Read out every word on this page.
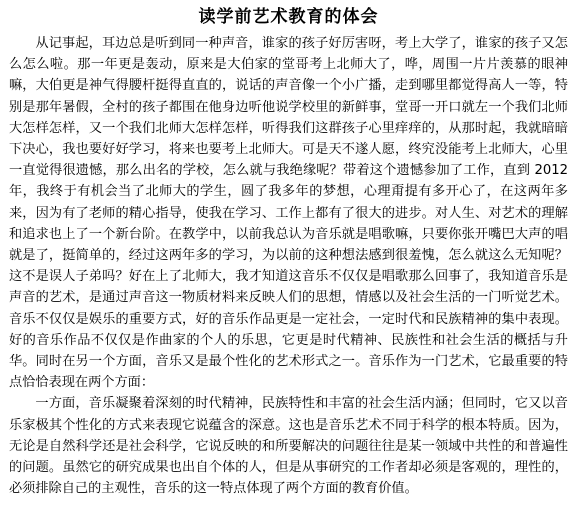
读学前艺术教育的体会

从记事起，耳边总是听到同一种声音，谁家的孩子好厉害呀，考上大学了，谁家的孩子又怎么怎么啦。那一年更是轰动，原来是大伯家的堂哥考上北师大了，哗，周围一片片羡慕的眼神嘛，大伯更是神气得腰杆挺得直直的，说话的声音像一个小广播，走到哪里都觉得高人一等，特别是那年暑假，全村的孩子都围在他身边听他说学校里的新鲜事，堂哥一开口就左一个我们北师大怎样怎样，又一个我们北师大怎样怎样，听得我们这群孩子心里痒痒的，从那时起，我就暗暗下决心，我也要好好学习，将来也要考上北师大。可是天不遂人愿，终究没能考上北师大，心里一直觉得很遗憾，那么出名的学校，怎么就与我绝缘呢？带着这个遗憾参加了工作，直到 2012年，我终于有机会当了北师大的学生，圆了我多年的梦想，心理甭提有多开心了，在这两年多来，因为有了老师的精心指导，使我在学习、工作上都有了很大的进步。对人生、对艺术的理解和追求也上了一个新台阶。在教学中，以前我总认为音乐就是唱歌嘛，只要你张开嘴巴大声的唱就是了，挺简单的，经过这两年多的学习，为以前的这种想法感到很羞愧，怎么就这么无知呢？这不是误人子弟吗？好在上了北师大，我才知道这音乐不仅仅是唱歌那么回事了，我知道音乐是声音的艺术，是通过声音这一物质材料来反映人们的思想，情感以及社会生活的一门听觉艺术。音乐不仅仅是娱乐的重要方式，好的音乐作品更是一定社会，一定时代和民族精神的集中表现。好的音乐作品不仅仅是作曲家的个人的乐思，它更是时代精神、民族性和社会生活的概括与升华。同时在另一个方面，音乐又是最个性化的艺术形式之一。音乐作为一门艺术，它最重要的特点恰恰表现在两个方面：

一方面，音乐凝聚着深刻的时代精神，民族特性和丰富的社会生活内涵；但同时，它又以音乐家极其个性化的方式来表现它说蕴含的深意。这也是音乐艺术不同于科学的根本特质。因为，无论是自然科学还是社会科学，它说反映的和所要解决的问题往往是某一领域中共性的和普遍性的问题。虽然它的研究成果也出自个体的人，但是从事研究的工作者却必须是客观的，理性的，必须排除自己的主观性，音乐的这一特点体现了两个方面的教育价值。
